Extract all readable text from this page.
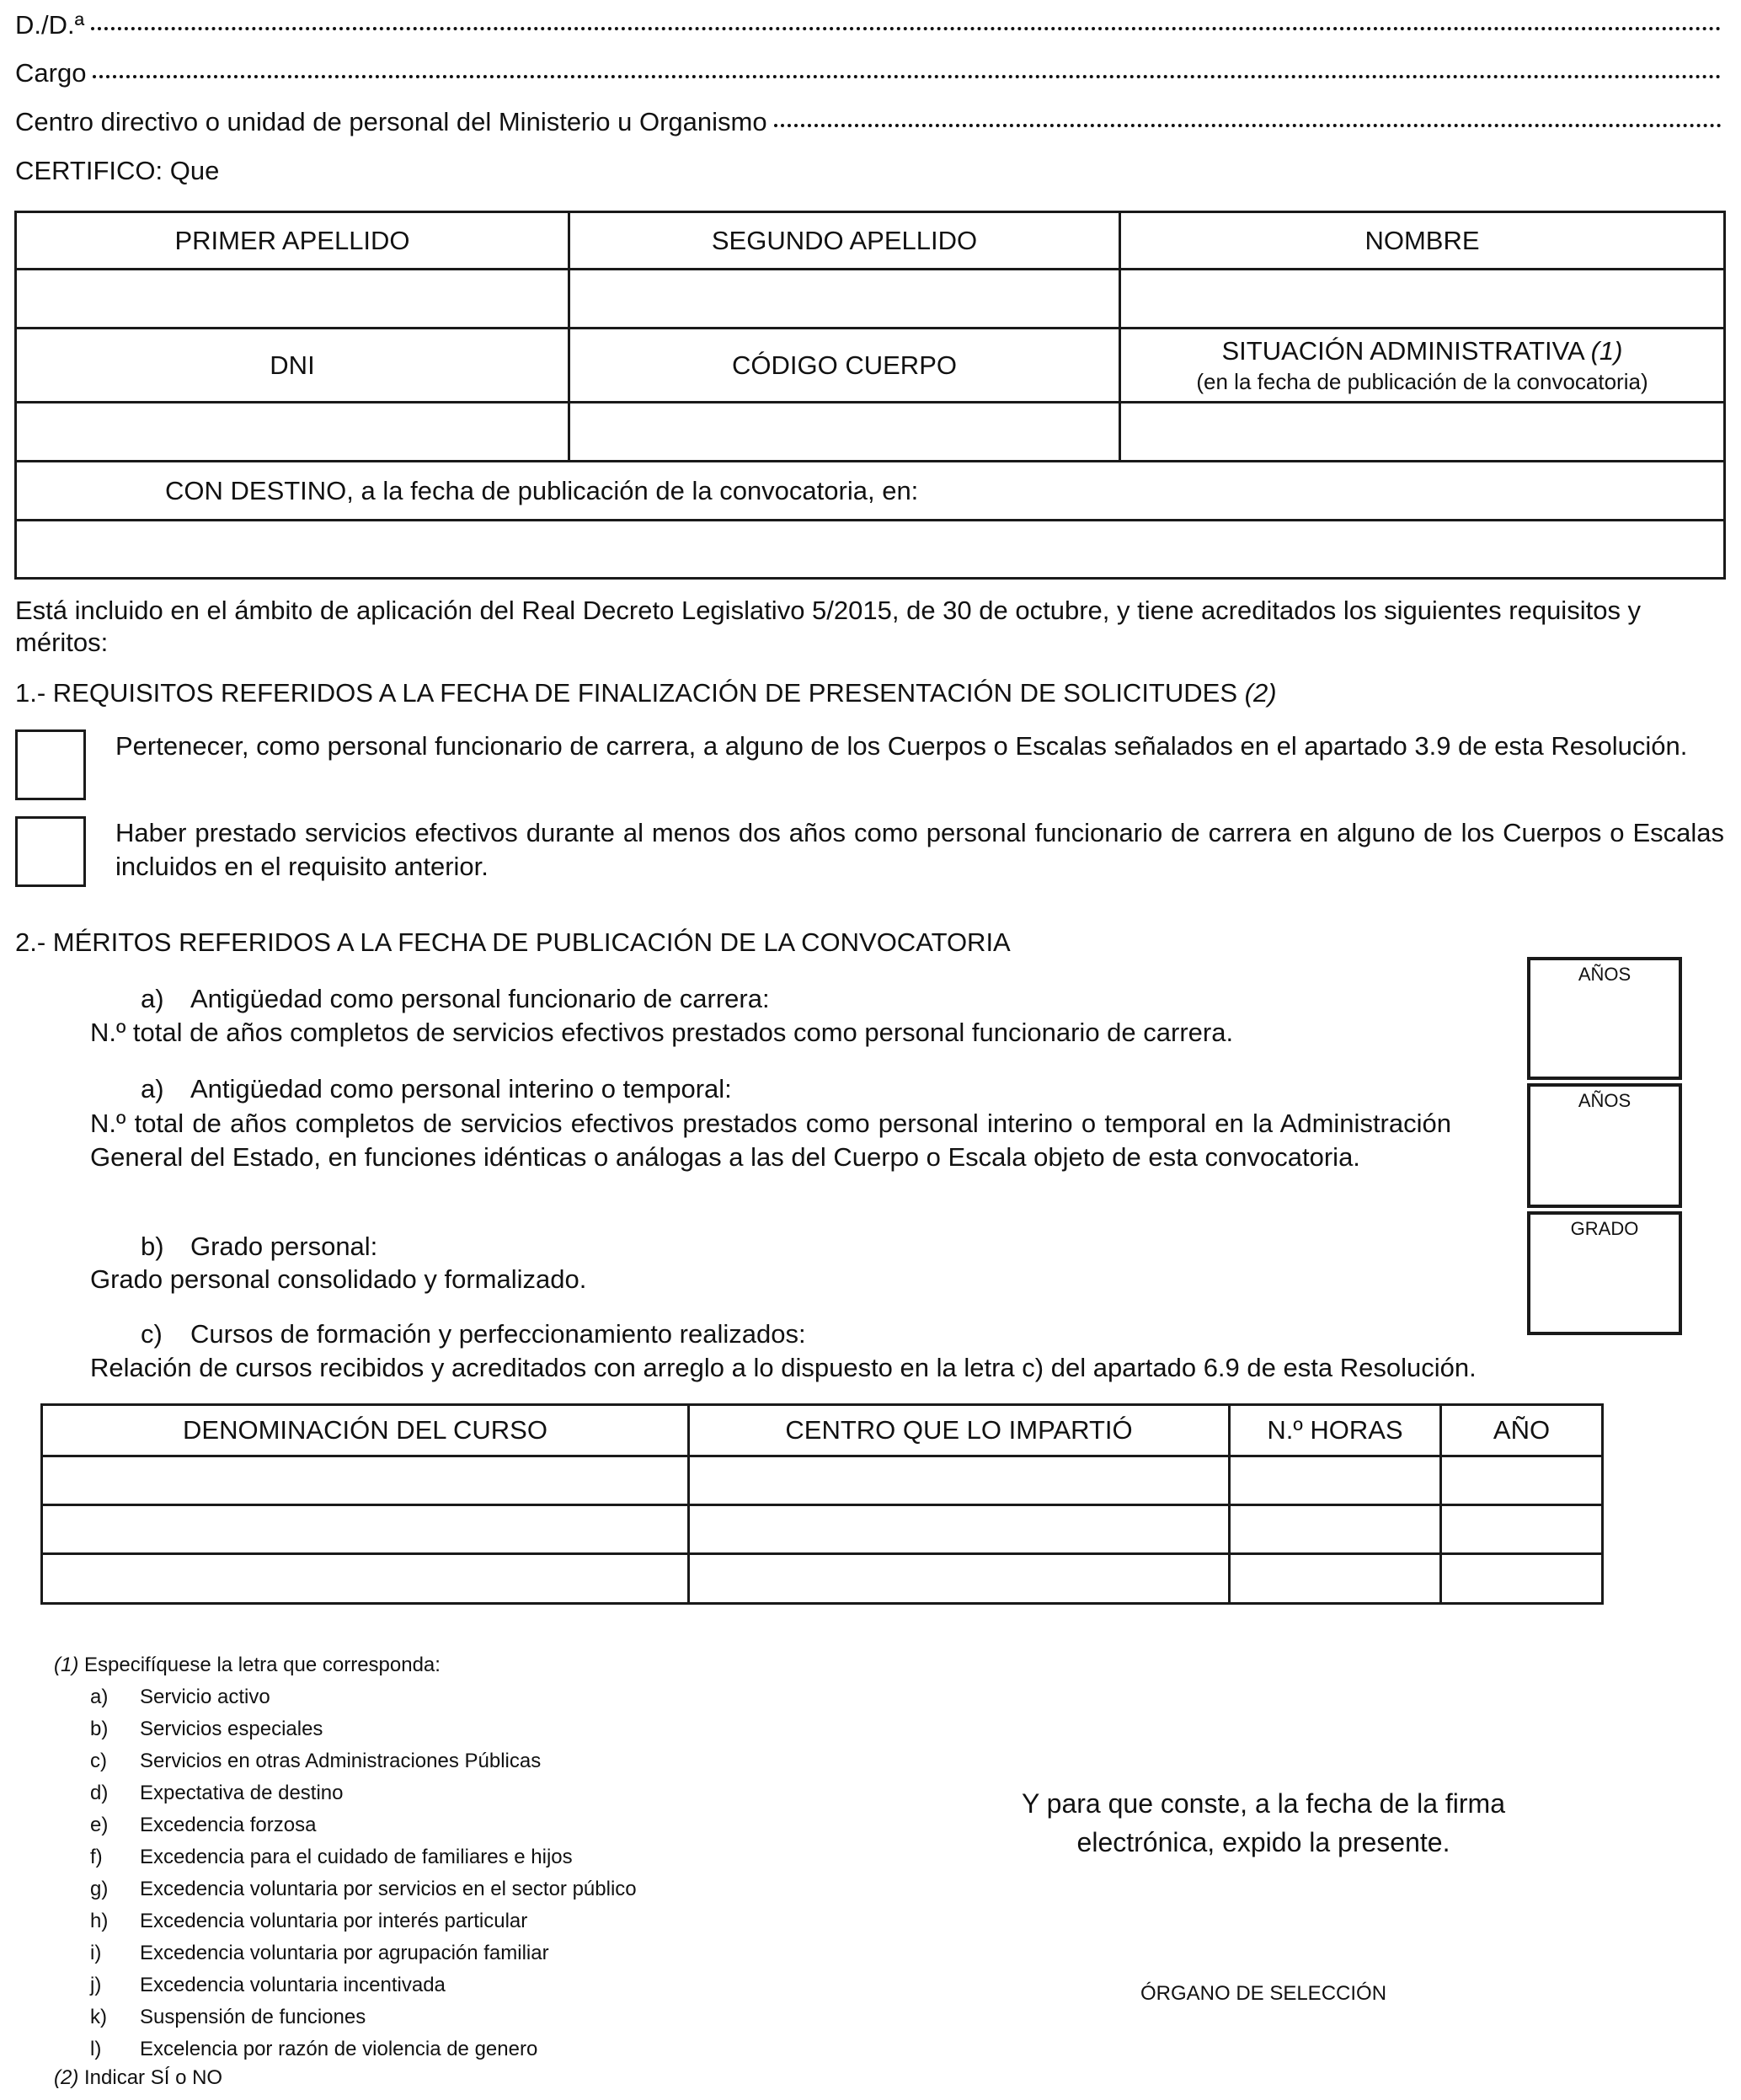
D./D.ª
Cargo
Centro directivo o unidad de personal del Ministerio u Organismo
CERTIFICO: Que
PRIMER APELLIDO	SEGUNDO APELLIDO	NOMBRE

DNI	CÓDIGO CUERPO	SITUACIÓN ADMINISTRATIVA (1)
(en la fecha de publicación de la convocatoria)

CON DESTINO, a la fecha de publicación de la convocatoria, en:		

Está incluido en el ámbito de aplicación del Real Decreto Legislativo 5/2015, de 30 de octubre, y tiene acreditados los siguientes requisitos y méritos:
1.- REQUISITOS REFERIDOS A LA FECHA DE FINALIZACIÓN DE PRESENTACIÓN DE SOLICITUDES (2)
Pertenecer, como personal funcionario de carrera, a alguno de los Cuerpos o Escalas señalados en el apartado 3.9 de esta Resolución.
Haber prestado servicios efectivos durante al menos dos años como personal funcionario de carrera en alguno de los Cuerpos o Escalas incluidos en el requisito anterior.
2.- MÉRITOS REFERIDOS A LA FECHA DE PUBLICACIÓN DE LA CONVOCATORIA
a) Antigüedad como personal funcionario de carrera:
N.º total de años completos de servicios efectivos prestados como personal funcionario de carrera.
a) Antigüedad como personal interino o temporal:
N.º total de años completos de servicios efectivos prestados como personal interino o temporal en la Administración General del Estado, en funciones idénticas o análogas a las del Cuerpo o Escala objeto de esta convocatoria.
b) Grado personal:
Grado personal consolidado y formalizado.
c) Cursos de formación y perfeccionamiento realizados:
Relación de cursos recibidos y acreditados con arreglo a lo dispuesto en la letra c) del apartado 6.9 de esta Resolución.
AÑOS
AÑOS
GRADO
DENOMINACIÓN DEL CURSO	CENTRO QUE LO IMPARTIÓ	N.º HORAS	AÑO

(1) Especifíquese la letra que corresponda:
a) Servicio activo
b) Servicios especiales
c) Servicios en otras Administraciones Públicas
d) Expectativa de destino
e) Excedencia forzosa
f) Excedencia para el cuidado de familiares e hijos
g) Excedencia voluntaria por servicios en el sector público
h) Excedencia voluntaria por interés particular
i) Excedencia voluntaria por agrupación familiar
j) Excedencia voluntaria incentivada
k) Suspensión de funciones
l) Excelencia por razón de violencia de genero
(2) Indicar SÍ o NO
Y para que conste, a la fecha de la firma
electrónica, expido la presente.
ÓRGANO DE SELECCIÓN
